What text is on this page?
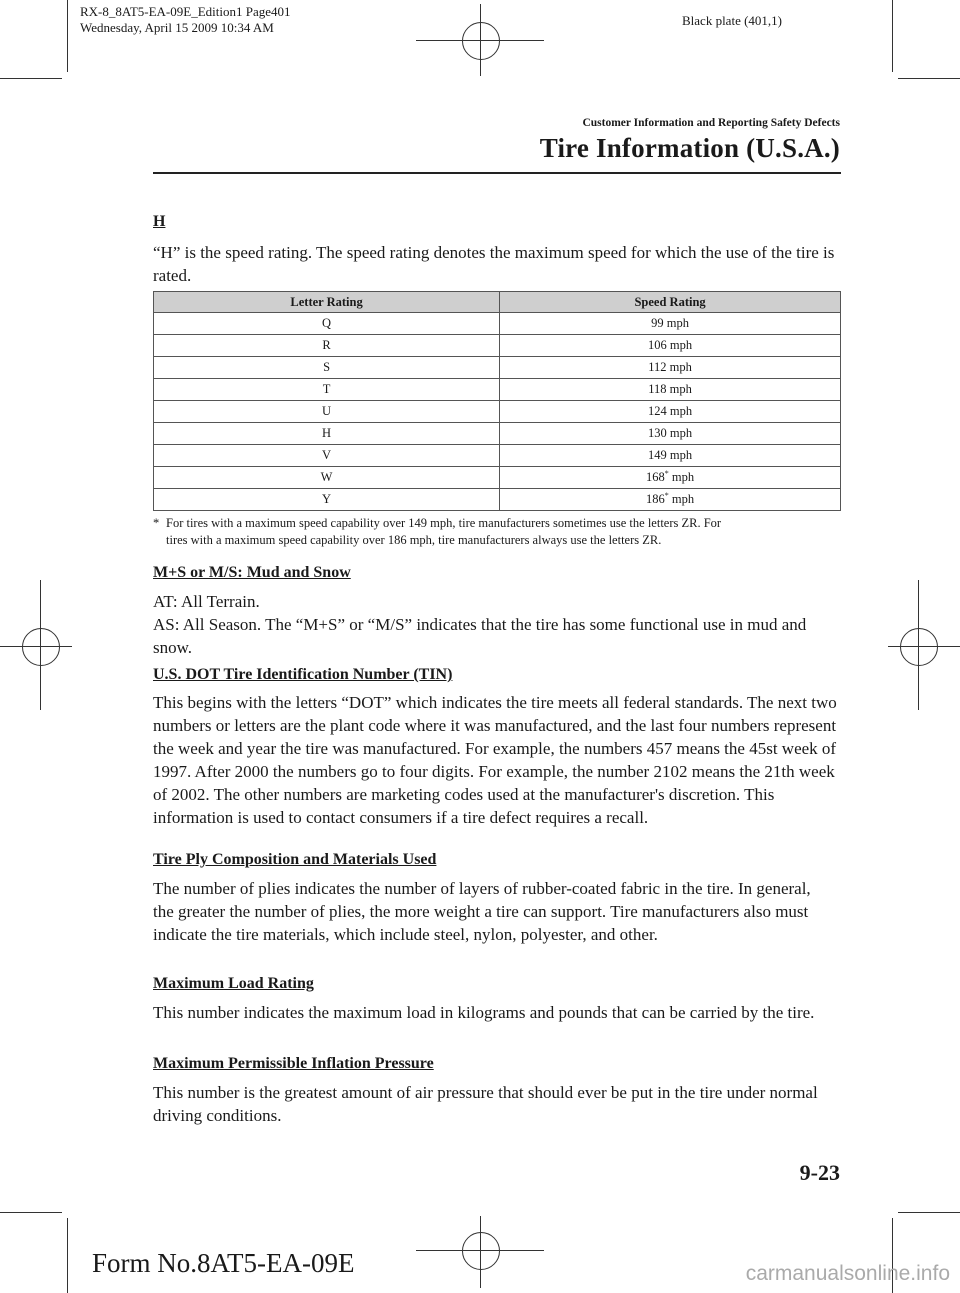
RX-8_8AT5-EA-09E_Edition1 Page401
Wednesday, April 15 2009 10:34 AM	Black plate (401,1)
Customer Information and Reporting Safety Defects
Tire Information (U.S.A.)
H

“H” is the speed rating. The speed rating denotes the maximum speed for which the use of the tire is rated.

Letter Rating	Speed Rating
Q	99 mph
R	106 mph
S	112 mph
T	118 mph
U	124 mph
H	130 mph
V	149 mph
W	168* mph
Y	186* mph
* For tires with a maximum speed capability over 149 mph, tire manufacturers sometimes use the letters ZR. For
tires with a maximum speed capability over 186 mph, tire manufacturers always use the letters ZR.
M+S or M/S: Mud and Snow

AT: All Terrain.

AS: All Season. The “M+S” or “M/S” indicates that the tire has some functional use in mud and snow.

U.S. DOT Tire Identification Number (TIN)

This begins with the letters “DOT” which indicates the tire meets all federal standards. The next two numbers or letters are the plant code where it was manufactured, and the last four numbers represent the week and year the tire was manufactured. For example, the numbers 457 means the 45st week of 1997. After 2000 the numbers go to four digits. For example, the number 2102 means the 21th week of 2002. The other numbers are marketing codes used at the manufacturer's discretion. This information is used to contact consumers if a tire defect requires a recall.

Tire Ply Composition and Materials Used

The number of plies indicates the number of layers of rubber-coated fabric in the tire. In general, the greater the number of plies, the more weight a tire can support. Tire manufacturers also must indicate the tire materials, which include steel, nylon, polyester, and other.

Maximum Load Rating

This number indicates the maximum load in kilograms and pounds that can be carried by the tire.

Maximum Permissible Inflation Pressure

This number is the greatest amount of air pressure that should ever be put in the tire under normal driving conditions.

9-23
Form No.8AT5-EA-09E	carmanualsonline.info
